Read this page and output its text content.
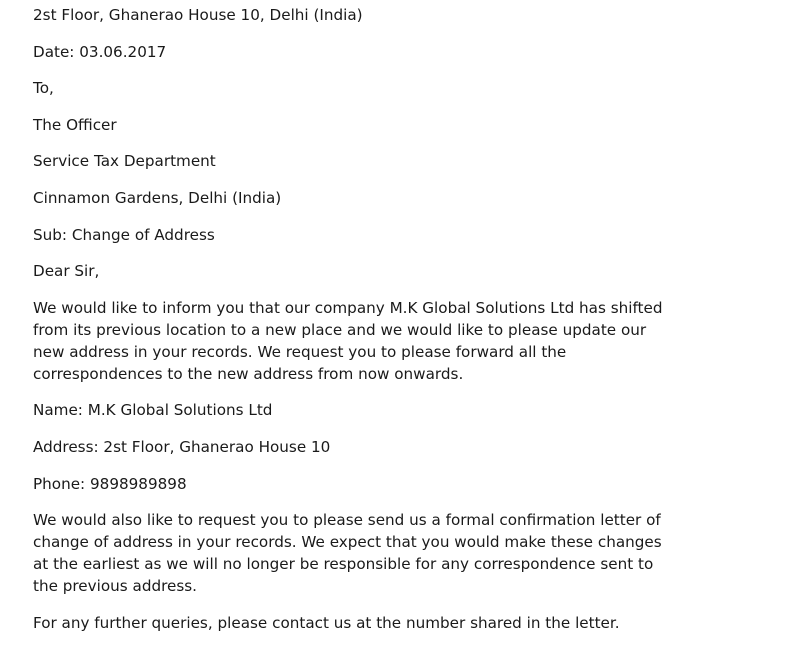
2st Floor, Ghanerao House 10, Delhi (India)
Date: 03.06.2017
To,
The Officer
Service Tax Department
Cinnamon Gardens, Delhi (India)
Sub: Change of Address
Dear Sir,
We would like to inform you that our company M.K Global Solutions Ltd has shifted
from its previous location to a new place and we would like to please update our
new address in your records. We request you to please forward all the
correspondences to the new address from now onwards.
Name: M.K Global Solutions Ltd
Address: 2st Floor, Ghanerao House 10
Phone: 9898989898
We would also like to request you to please send us a formal confirmation letter of
change of address in your records. We expect that you would make these changes
at the earliest as we will no longer be responsible for any correspondence sent to
the previous address.
For any further queries, please contact us at the number shared in the letter.
